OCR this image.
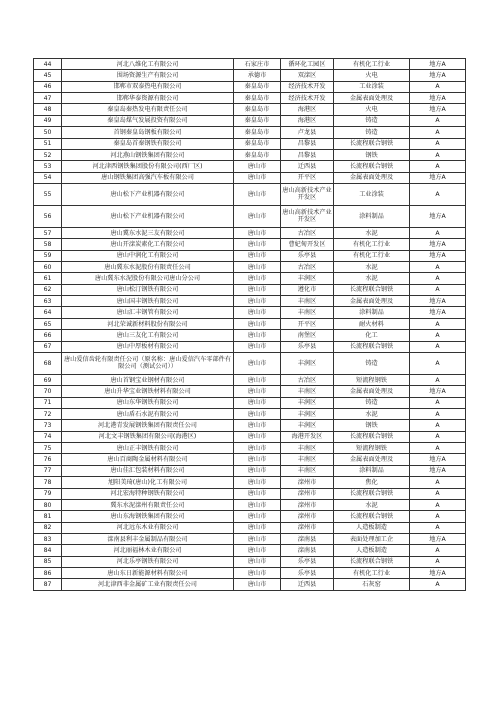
44	河北八维化工有限公司	石家庄市	循环化工园区	有机化工行业	地方A
45	围场资源生产有限公司	承德市	双滦区	火电	地方A
46	邯郸市双泰热电有限公司	秦皇岛市	经济技术开发	工业涂装	A
47	邯郸华泰资源有限公司	秦皇岛市	经济技术开发	金属表面处理及	地方A
48	秦皇岛秦热发电有限责任公司	秦皇岛市	海港区	火电	地方A
49	秦皇岛煤气发展投资有限公司	秦皇岛市	海港区	铸造	A
50	首钢秦皇岛钢板有限公司	秦皇岛市	卢龙县	铸造	A
51	秦皇岛首秦钢铁有限公司	秦皇岛市	昌黎县	长流程联合钢铁	A
52	河北燕山钢铁集团有限公司	秦皇岛市	昌黎县	钢铁	A
53	河北津西钢铁集团股份有限公司(西厂区)	唐山市	迁西县	长流程联合钢铁	A
54	唐山钢铁集团高强汽车板有限公司	唐山市	开平区	金属表面处理及	地方A
55	唐山松下产业机器有限公司	唐山市	唐山高新技术产业开发区	工业涂装	A
56	唐山松下产业机器有限公司	唐山市	唐山高新技术产业开发区	涂料制品	地方A
57	唐山冀东水泥三友有限公司	唐山市	古冶区	水泥	A
58	唐山开滦炭素化工有限公司	唐山市	曹妃甸开发区	有机化工行业	地方A
59	唐山中润化工有限公司	唐山市	乐亭县	有机化工行业	地方A
60	唐山冀东水泥股份有限责任公司	唐山市	古冶区	水泥	A
61	唐山冀东水泥股份有限公司唐山分公司	唐山市	丰润区	水泥	A
62	唐山松汀钢铁有限公司	唐山市	遵化市	长流程联合钢铁	A
63	唐山国丰钢铁有限公司	唐山市	丰南区	金属表面处理及	地方A
64	唐山汇丰钢管有限公司	唐山市	丰南区	涂料制品	地方A
65	河北荣诚新材料股份有限公司	唐山市	开平区	耐火材料	A
66	唐山三友化工有限公司	唐山市	南堡区	化工	A
67	唐山中厚板材有限公司	唐山市	乐亭县	长流程联合钢铁	A
68	唐山爱信齿轮有限责任公司（原名称：唐山爱信汽车零部件有限公司（测试公司））	唐山市	丰润区	铸造	A
69	唐山首钢宝业钢材有限公司	唐山市	古冶区	短流程钢铁	A
70	唐山升华宝业钢铁材料有限公司	唐山市	丰南区	金属表面处理及	地方A
71	唐山东华钢铁有限公司	唐山市	丰润区	铸造	A
72	唐山盾石水泥有限公司	唐山市	丰润区	水泥	A
73	河北港青发展钢铁集团有限责任公司	唐山市	丰润区	钢铁	A
74	河北文丰钢铁集团有限公司(海港区)	唐山市	海港开发区	长流程联合钢铁	A
75	唐山正丰钢铁有限公司	唐山市	丰南区	短流程钢铁	A
76	唐山百商陶金属材料有限公司	唐山市	丰南区	金属表面处理及	地方A
77	唐山佳汇包装材料有限公司	唐山市	丰南区	涂料制品	地方A
78	旭阳美琦(唐山)化工有限公司	唐山市	滦州市	焦化	A
79	河北宏海特种钢铁有限公司	唐山市	滦州市	长流程联合钢铁	A
80	冀东水泥滦州有限责任公司	唐山市	滦州市	水泥	A
81	唐山东海钢铁集团有限公司	唐山市	滦州市	长流程联合钢铁	A
82	河北远东木业有限公司	唐山市	滦州市	人造板制造	A
83	滦南县利丰金属制品有限公司	唐山市	滦南县	表面处理加工企	地方A
84	河北丽福林木业有限公司	唐山市	滦南县	人造板制造	A
85	河北乐亭钢铁有限公司	唐山市	乐亭县	长流程联合钢铁	A
86	唐山东日新能源材料有限公司	唐山市	乐亭县	有机化工行业	地方A
87	河北津西非金属矿工业有限责任公司	唐山市	迁西县	石灰窑	A
